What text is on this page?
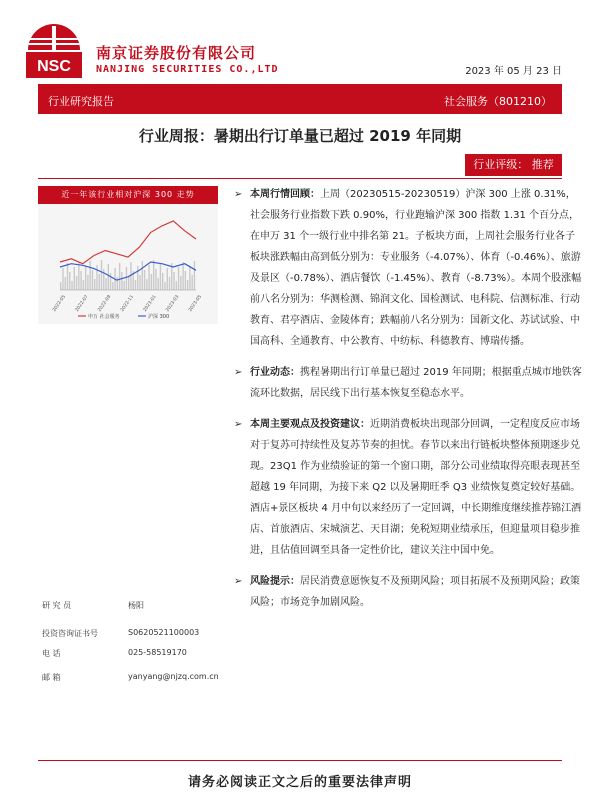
NSC
南京证券股份有限公司
NANJING SECURITIES CO.,LTD	2023 年 05 月 23 日
行业研究报告	社会服务（801210）
行业周报：暑期出行订单量已超过 2019 年同期
行业评级： 推荐
近一年该行业相对沪深 300 走势
2022-05 2022-07 2022-09 2022-11 2023-01 2023-03 2023-05
申万 社会服务	沪深 300
研 究 员	杨阳
投资咨询证书号	S0620521100003
电 话	025-58519170
邮 箱	yanyang@njzq.com.cn
➢ 本周行情回顾：上周（20230515-20230519）沪深 300 上涨 0.31%，社会服务行业指数下跌 0.90%，行业跑输沪深 300 指数 1.31 个百分点，在申万 31 个一级行业中排名第 21。子板块方面，上周社会服务行业各子板块涨跌幅由高到低分别为：专业服务（-4.07%）、体育（-0.46%）、旅游及景区（-0.78%）、酒店餐饮（-1.45%）、教育（-8.73%）。本周个股涨幅前八名分别为：华测检测、锦润文化、国检测试、电科院、信测标准、行动教育、君亭酒店、金陵体育；跌幅前八名分别为：国新文化、苏试试验、中国高科、全通教育、中公教育、中纺标、科德教育、博瑞传播。
➢ 行业动态：携程暑期出行订单量已超过 2019 年同期；根据重点城市地铁客流环比数据，居民线下出行基本恢复至稳态水平。
➢ 本周主要观点及投资建议：近期消费板块出现部分回调，一定程度反应市场对于复苏可持续性及复苏节奏的担忧。春节以来出行链板块整体预期逐步兑现。23Q1 作为业绩验证的第一个窗口期，部分公司业绩取得亮眼表现甚至超越 19 年同期，为接下来 Q2 以及暑期旺季 Q3 业绩恢复奠定较好基础。酒店+景区板块 4 月中旬以来经历了一定回调，中长期维度继续推荐锦江酒店、首旅酒店、宋城演艺、天目湖；免税短期业绩承压，但迎量项目稳步推进，且估值回调至具备一定性价比，建议关注中国中免。
➢ 风险提示：居民消费意愿恢复不及预期风险；项目拓展不及预期风险；政策风险；市场竞争加剧风险。
请务必阅读正文之后的重要法律声明
